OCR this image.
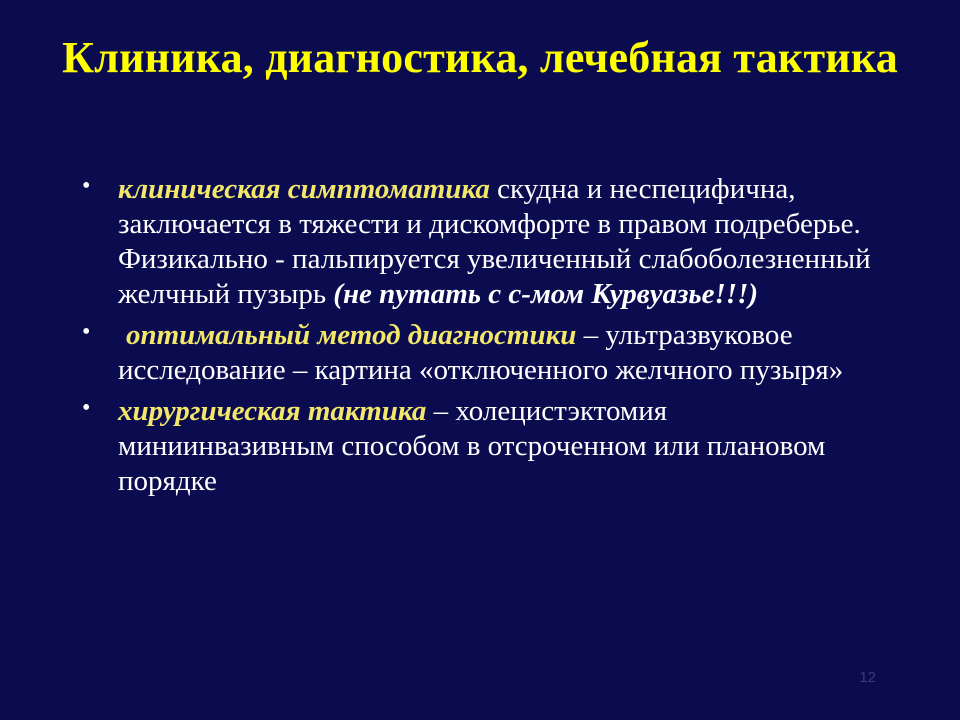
Клиника, диагностика, лечебная тактика
• клиническая симптоматика скудна и неспецифична, заключается в тяжести и дискомфорте в правом подреберье. Физикально - пальпируется увеличенный слабоболезненный желчный пузырь (не путать с с-мом Курвуазье!!!)
• оптимальный метод диагностики – ультразвуковое исследование – картина «отключенного желчного пузыря»
• хирургическая тактика – холецистэктомия миниинвазивным способом в отсроченном или плановом порядке
12
